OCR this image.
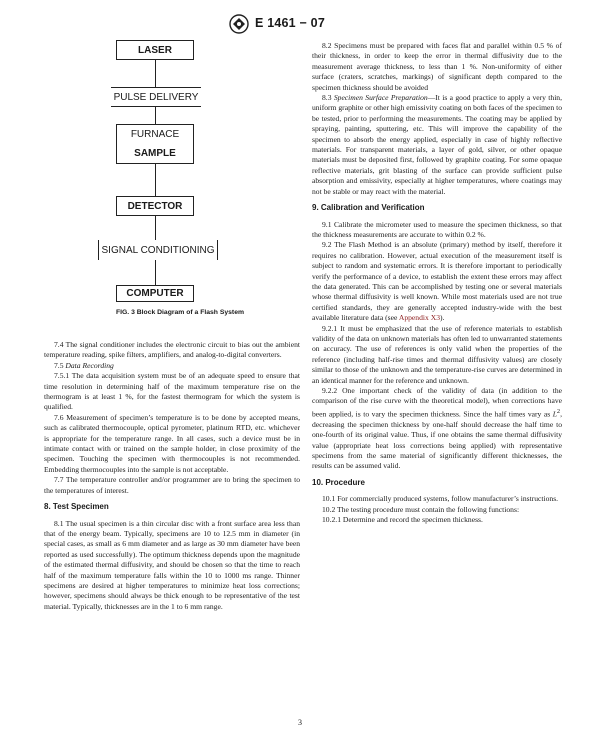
E 1461 − 07
LASER
PULSE DELIVERY
FURNACE
SAMPLE
DETECTOR
SIGNAL CONDITIONING
COMPUTER
FIG. 3 Block Diagram of a Flash System

7.4 The signal conditioner includes the electronic circuit to bias out the ambient temperature reading, spike filters, amplifiers, and analog-to-digital converters.

7.5 Data Recording

7.5.1 The data acquisition system must be of an adequate speed to ensure that time resolution in determining half of the maximum temperature rise on the thermogram is at least 1 %, for the fastest thermogram for which the system is qualified.

7.6 Measurement of specimen’s temperature is to be done by accepted means, such as calibrated thermocouple, optical pyrometer, platinum RTD, etc. whichever is appropriate for the temperature range. In all cases, such a device must be in intimate contact with or trained on the sample holder, in close proximity of the specimen. Touching the specimen with thermocouples is not recommended. Embedding thermocouples into the sample is not acceptable.

7.7 The temperature controller and/or programmer are to bring the specimen to the temperatures of interest.

8. Test Specimen

8.1 The usual specimen is a thin circular disc with a front surface area less than that of the energy beam. Typically, specimens are 10 to 12.5 mm in diameter (in special cases, as small as 6 mm diameter and as large as 30 mm diameter have been reported as used successfully). The optimum thickness depends upon the magnitude of the estimated thermal diffusivity, and should be chosen so that the time to reach half of the maximum temperature falls within the 10 to 1000 ms range. Thinner specimens are desired at higher temperatures to minimize heat loss corrections; however, specimens should always be thick enough to be representative of the test material. Typically, thicknesses are in the 1 to 6 mm range.

8.2 Specimens must be prepared with faces flat and parallel within 0.5 % of their thickness, in order to keep the error in thermal diffusivity due to the measurement average thickness, to less than 1 %. Non-uniformity of either surface (craters, scratches, markings) of significant depth compared to the specimen thickness should be avoided

8.3 Specimen Surface Preparation—It is a good practice to apply a very thin, uniform graphite or other high emissivity coating on both faces of the specimen to be tested, prior to performing the measurements. The coating may be applied by spraying, painting, sputtering, etc. This will improve the capability of the specimen to absorb the energy applied, especially in case of highly reflective materials. For transparent materials, a layer of gold, silver, or other opaque materials must be deposited first, followed by graphite coating. For some opaque reflective materials, grit blasting of the surface can provide sufficient pulse absorption and emissivity, especially at higher temperatures, where coatings may not be stable or may react with the material.

9. Calibration and Verification

9.1 Calibrate the micrometer used to measure the specimen thickness, so that the thickness measurements are accurate to within 0.2 %.

9.2 The Flash Method is an absolute (primary) method by itself, therefore it requires no calibration. However, actual execution of the measurement itself is subject to random and systematic errors. It is therefore important to periodically verify the performance of a device, to establish the extent these errors may affect the data generated. This can be accomplished by testing one or several materials whose thermal diffusivity is well known. While most materials used are not true certified standards, they are generally accepted industry-wide with the best available literature data (see Appendix X3).

9.2.1 It must be emphasized that the use of reference materials to establish validity of the data on unknown materials has often led to unwarranted statements on accuracy. The use of references is only valid when the properties of the reference (including half-rise times and thermal diffusivity values) are closely similar to those of the unknown and the temperature-rise curves are determined in an identical manner for the reference and unknown.

9.2.2 One important check of the validity of data (in addition to the comparison of the rise curve with the theoretical model), when corrections have been applied, is to vary the specimen thickness. Since the half times vary as $L^2$, decreasing the specimen thickness by one-half should decrease the half time to one-fourth of its original value. Thus, if one obtains the same thermal diffusivity value (appropriate heat loss corrections being applied) with representative specimens from the same material of significantly different thicknesses, the results can be assumed valid.

10. Procedure

10.1 For commercially produced systems, follow manufacturer’s instructions.

10.2 The testing procedure must contain the following functions:

10.2.1 Determine and record the specimen thickness.

3
